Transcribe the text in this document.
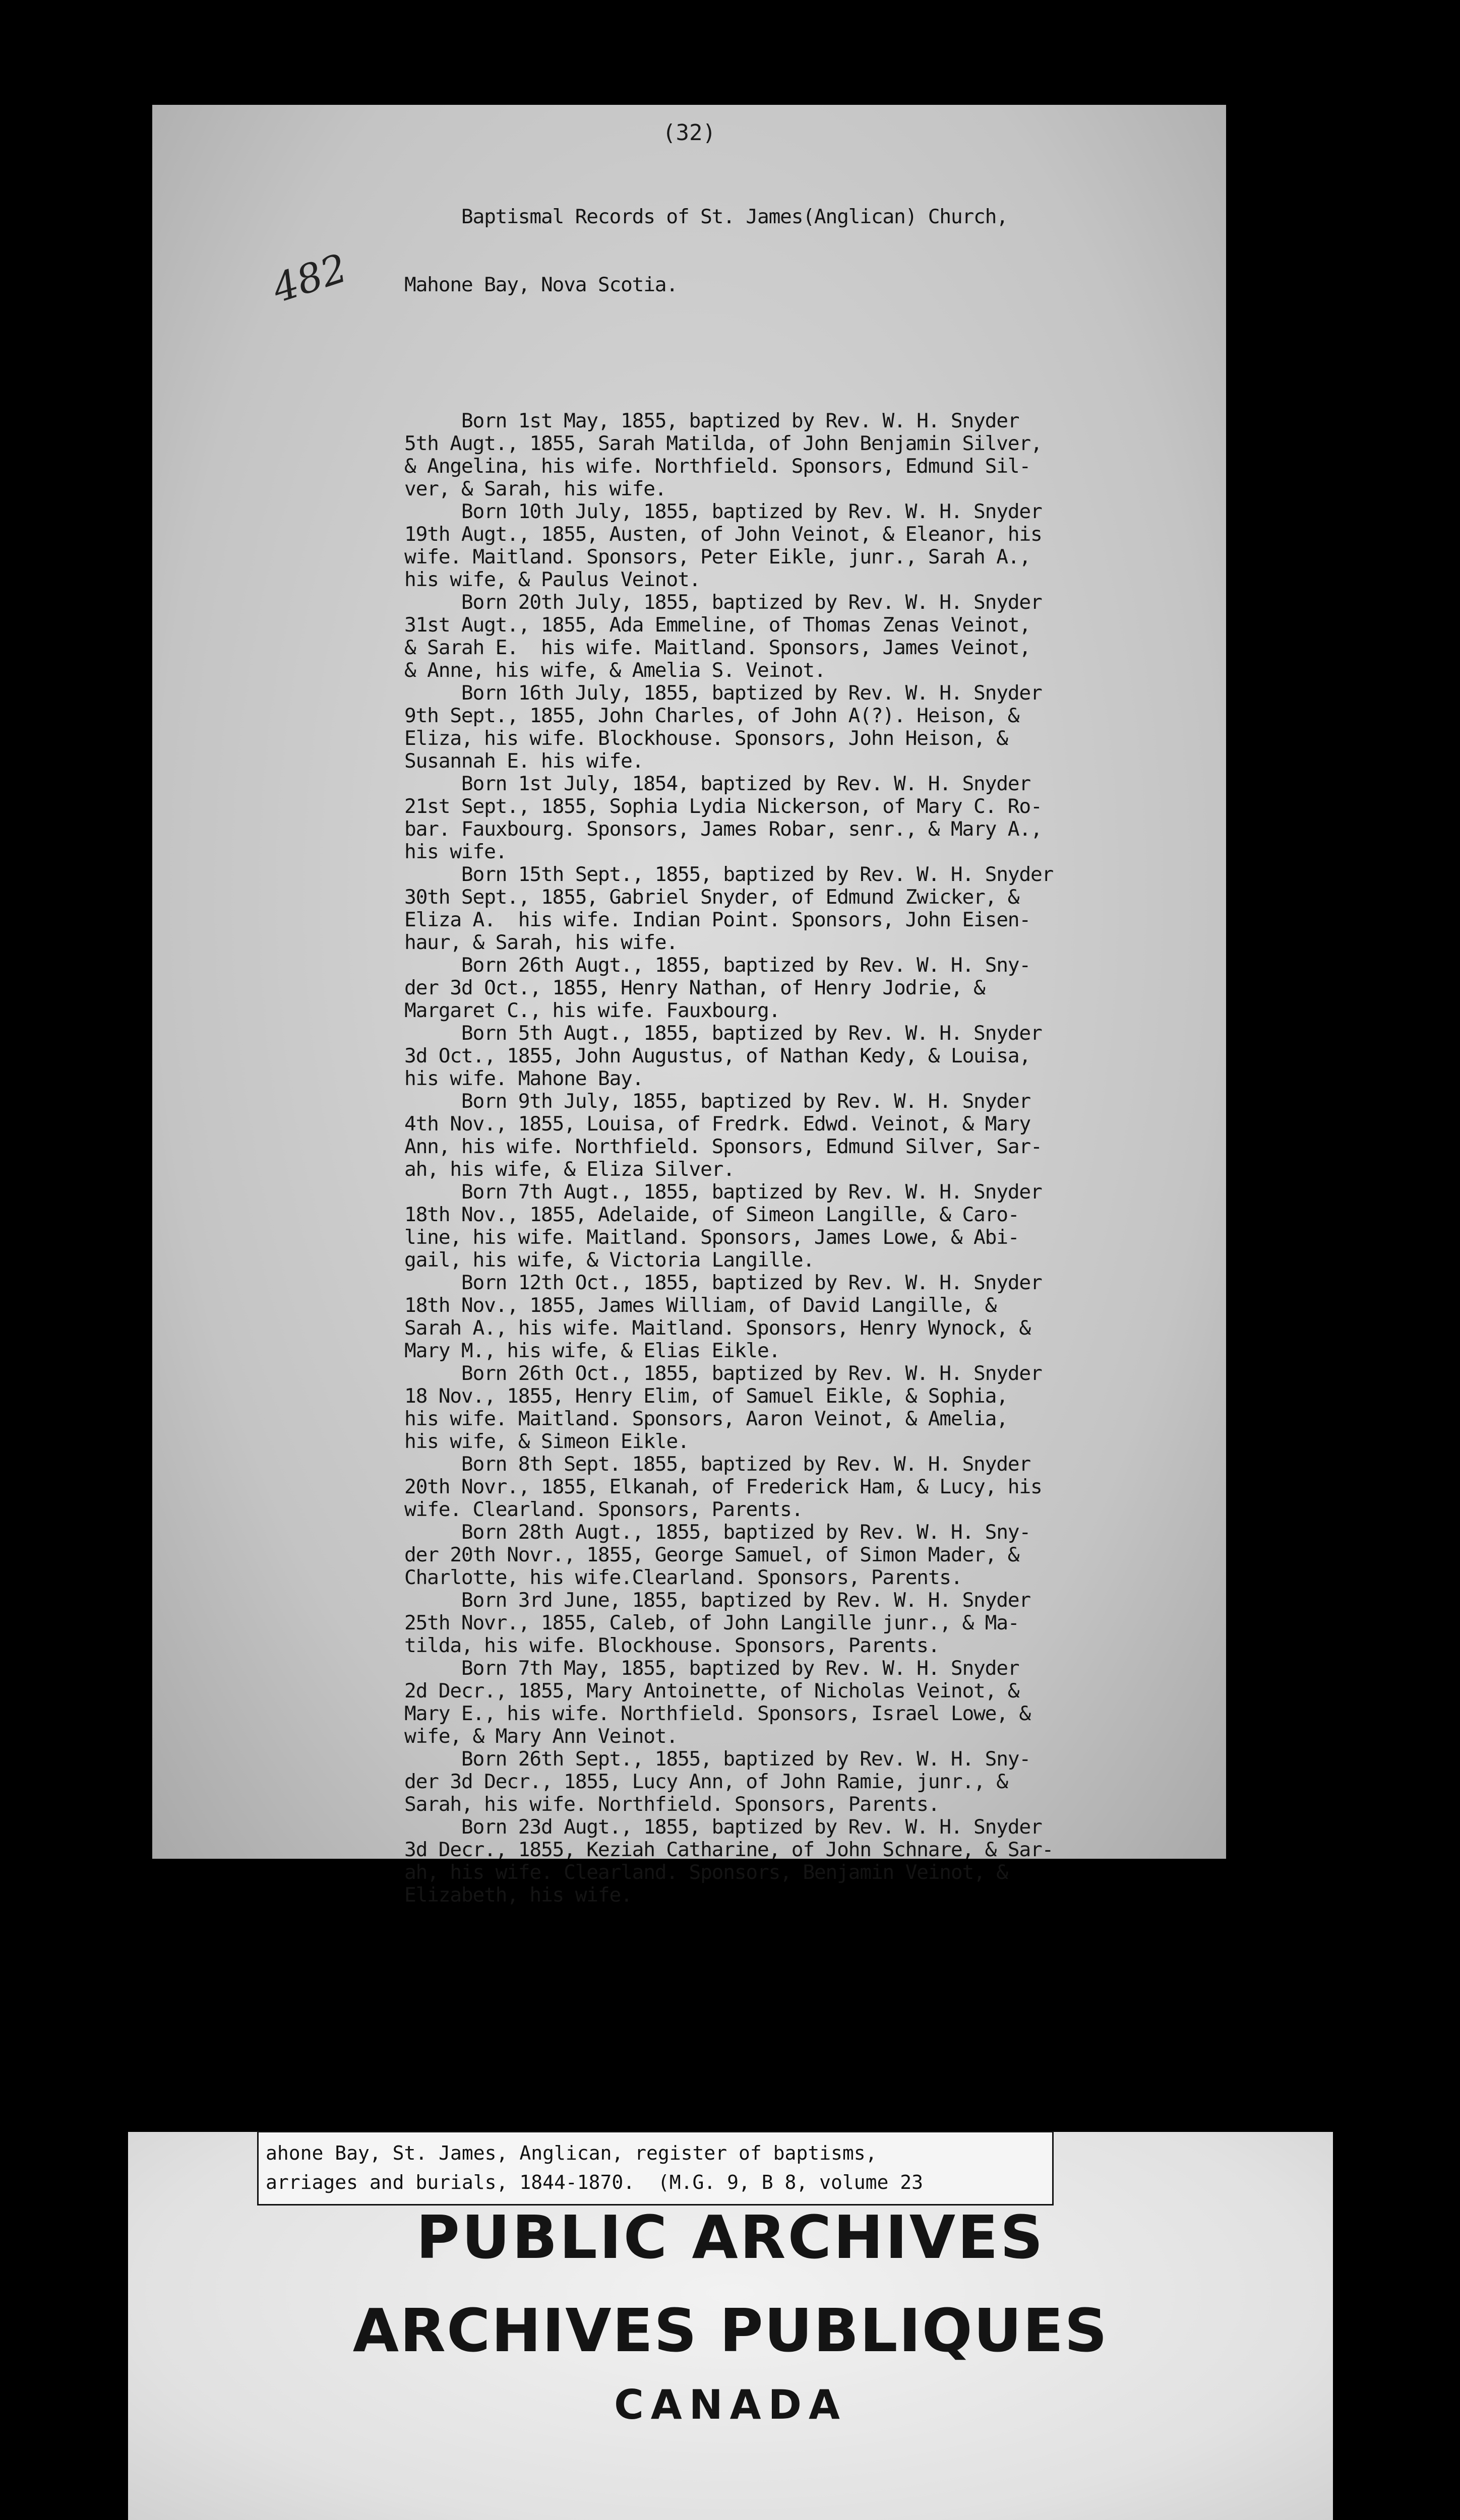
(32)
482

Baptismal Records of St. James(Anglican) Church,

Mahone Bay, Nova Scotia.

Born 1st May, 1855, baptized by Rev. W. H. Snyder
5th Augt., 1855, Sarah Matilda, of John Benjamin Silver,
& Angelina, his wife. Northfield. Sponsors, Edmund Sil-
ver, & Sarah, his wife.
Born 10th July, 1855, baptized by Rev. W. H. Snyder
19th Augt., 1855, Austen, of John Veinot, & Eleanor, his
wife. Maitland. Sponsors, Peter Eikle, junr., Sarah A.,
his wife, & Paulus Veinot.
Born 20th July, 1855, baptized by Rev. W. H. Snyder
31st Augt., 1855, Ada Emmeline, of Thomas Zenas Veinot,
& Sarah E.  his wife. Maitland. Sponsors, James Veinot,
& Anne, his wife, & Amelia S. Veinot.
Born 16th July, 1855, baptized by Rev. W. H. Snyder
9th Sept., 1855, John Charles, of John A(?). Heison, &
Eliza, his wife. Blockhouse. Sponsors, John Heison, &
Susannah E. his wife.
Born 1st July, 1854, baptized by Rev. W. H. Snyder
21st Sept., 1855, Sophia Lydia Nickerson, of Mary C. Ro-
bar. Fauxbourg. Sponsors, James Robar, senr., & Mary A.,
his wife.
Born 15th Sept., 1855, baptized by Rev. W. H. Snyder
30th Sept., 1855, Gabriel Snyder, of Edmund Zwicker, &
Eliza A.  his wife. Indian Point. Sponsors, John Eisen-
haur, & Sarah, his wife.
Born 26th Augt., 1855, baptized by Rev. W. H. Sny-
der 3d Oct., 1855, Henry Nathan, of Henry Jodrie, &
Margaret C., his wife. Fauxbourg.
Born 5th Augt., 1855, baptized by Rev. W. H. Snyder
3d Oct., 1855, John Augustus, of Nathan Kedy, & Louisa,
his wife. Mahone Bay.
Born 9th July, 1855, baptized by Rev. W. H. Snyder
4th Nov., 1855, Louisa, of Fredrk. Edwd. Veinot, & Mary
Ann, his wife. Northfield. Sponsors, Edmund Silver, Sar-
ah, his wife, & Eliza Silver.
Born 7th Augt., 1855, baptized by Rev. W. H. Snyder
18th Nov., 1855, Adelaide, of Simeon Langille, & Caro-
line, his wife. Maitland. Sponsors, James Lowe, & Abi-
gail, his wife, & Victoria Langille.
Born 12th Oct., 1855, baptized by Rev. W. H. Snyder
18th Nov., 1855, James William, of David Langille, &
Sarah A., his wife. Maitland. Sponsors, Henry Wynock, &
Mary M., his wife, & Elias Eikle.
Born 26th Oct., 1855, baptized by Rev. W. H. Snyder
18 Nov., 1855, Henry Elim, of Samuel Eikle, & Sophia,
his wife. Maitland. Sponsors, Aaron Veinot, & Amelia,
his wife, & Simeon Eikle.
Born 8th Sept. 1855, baptized by Rev. W. H. Snyder
20th Novr., 1855, Elkanah, of Frederick Ham, & Lucy, his
wife. Clearland. Sponsors, Parents.
Born 28th Augt., 1855, baptized by Rev. W. H. Sny-
der 20th Novr., 1855, George Samuel, of Simon Mader, &
Charlotte, his wife.Clearland. Sponsors, Parents.
Born 3rd June, 1855, baptized by Rev. W. H. Snyder
25th Novr., 1855, Caleb, of John Langille junr., & Ma-
tilda, his wife. Blockhouse. Sponsors, Parents.
Born 7th May, 1855, baptized by Rev. W. H. Snyder
2d Decr., 1855, Mary Antoinette, of Nicholas Veinot, &
Mary E., his wife. Northfield. Sponsors, Israel Lowe, &
wife, & Mary Ann Veinot.
Born 26th Sept., 1855, baptized by Rev. W. H. Sny-
der 3d Decr., 1855, Lucy Ann, of John Ramie, junr., &
Sarah, his wife. Northfield. Sponsors, Parents.
Born 23d Augt., 1855, baptized by Rev. W. H. Snyder
3d Decr., 1855, Keziah Catharine, of John Schnare, & Sar-
ah, his wife. Clearland. Sponsors, Benjamin Veinot, &
Elizabeth, his wife.

ahone Bay, St. James, Anglican, register of baptisms,
arriages and burials, 1844-1870.  (M.G. 9, B 8, volume 23
PUBLIC ARCHIVES
ARCHIVES PUBLIQUES
CANADA
